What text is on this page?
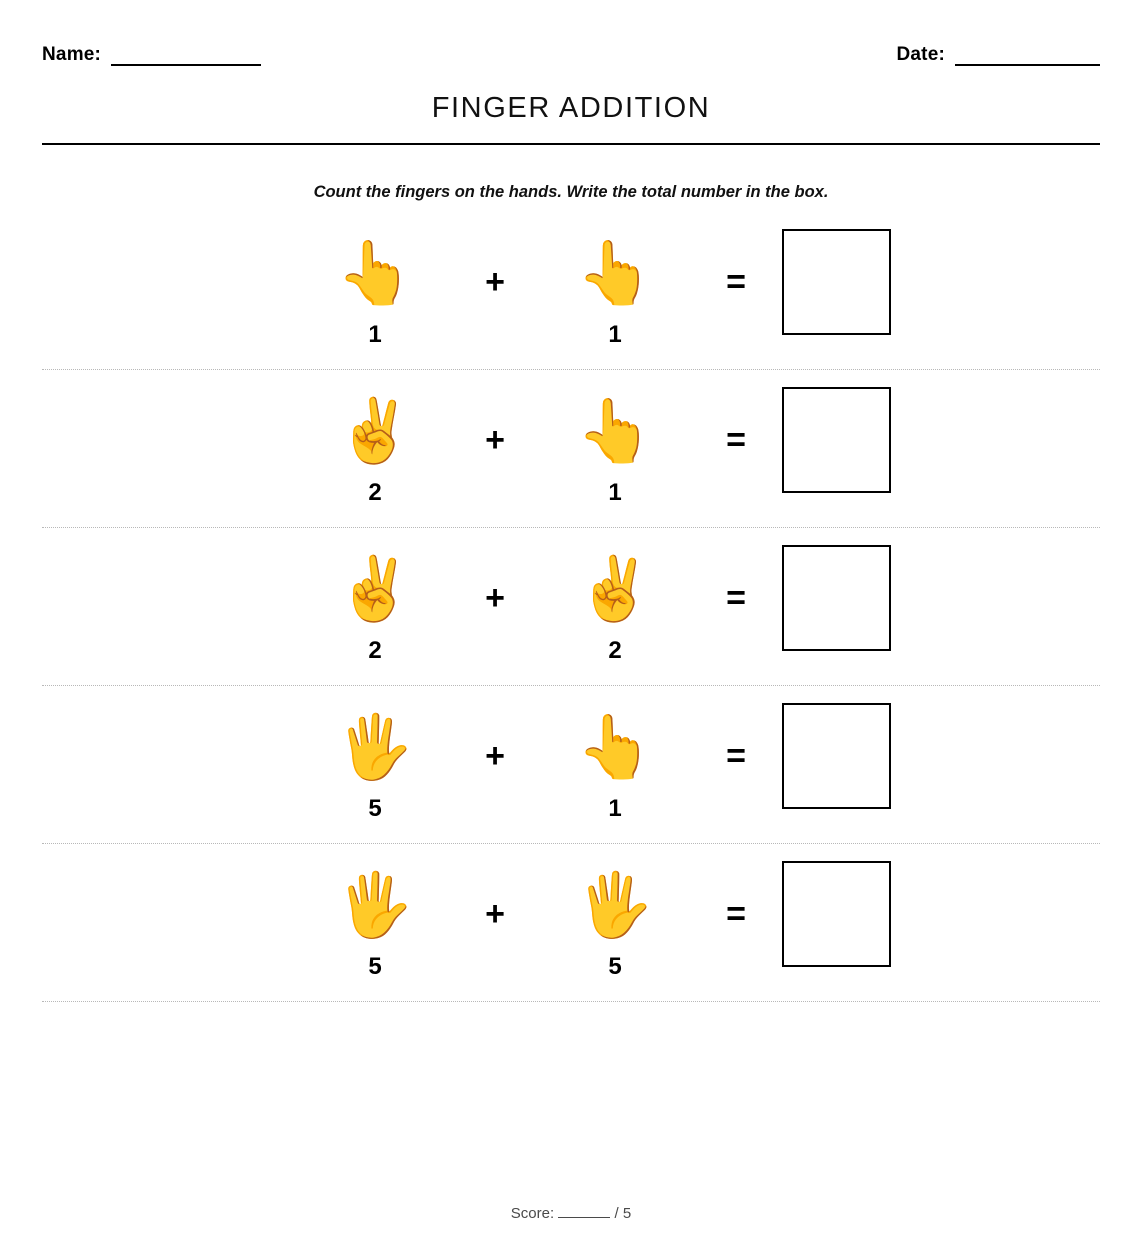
Name:	Date:
FINGER ADDITION
Count the fingers on the hands. Write the total number in the box.
👆
1
+	👆
1
=
✌️
2
+	👆
1
=
✌️
2
+	✌️
2
=
🖐️
5
+	👆
1
=
🖐️
5
+	🖐️
5
=
Score:	/ 5
